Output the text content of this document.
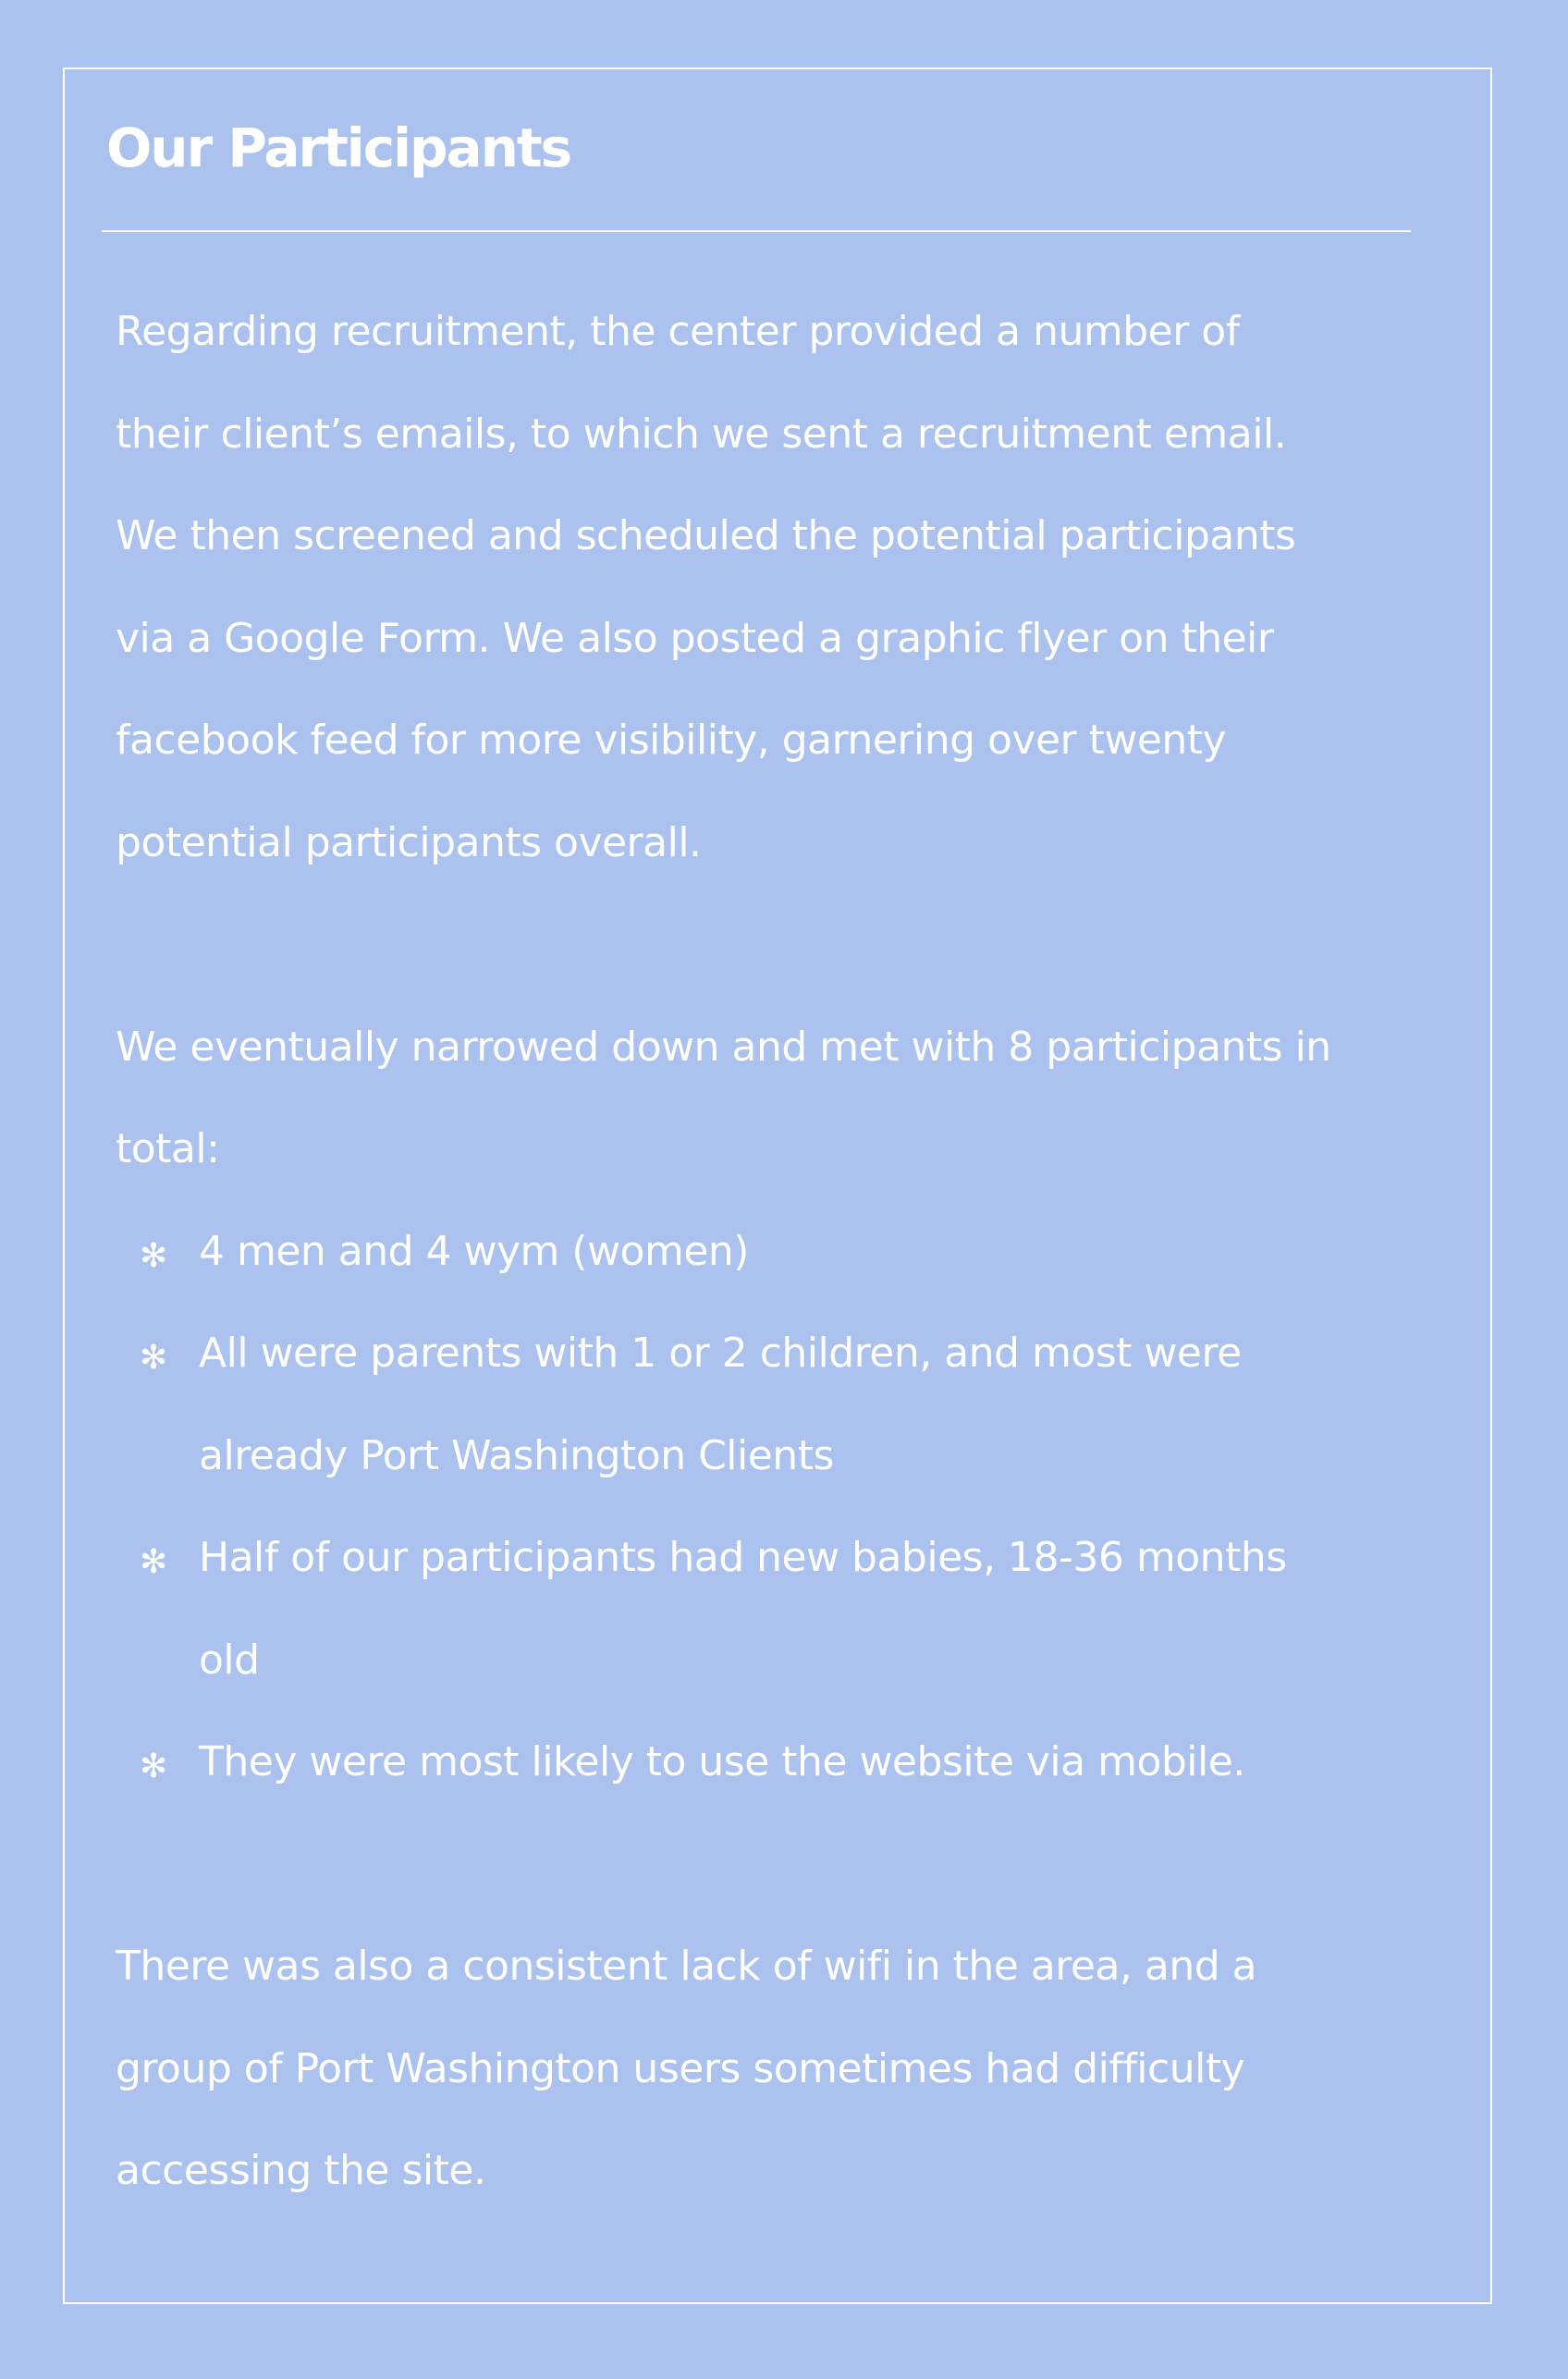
Our Participants

Regarding recruitment, the center provided a number of
their client’s emails, to which we sent a recruitment email.
We then screened and scheduled the potential participants
via a Google Form. We also posted a graphic flyer on their
facebook feed for more visibility, garnering over twenty
potential participants overall.

We eventually narrowed down and met with 8 participants in
total:

✻ 4 men and 4 wym (women)
✻ All were parents with 1 or 2 children, and most were
already Port Washington Clients
✻ Half of our participants had new babies, 18-36 months
old
✻ They were most likely to use the website via mobile.

There was also a consistent lack of wifi in the area, and a
group of Port Washington users sometimes had difficulty
accessing the site.
